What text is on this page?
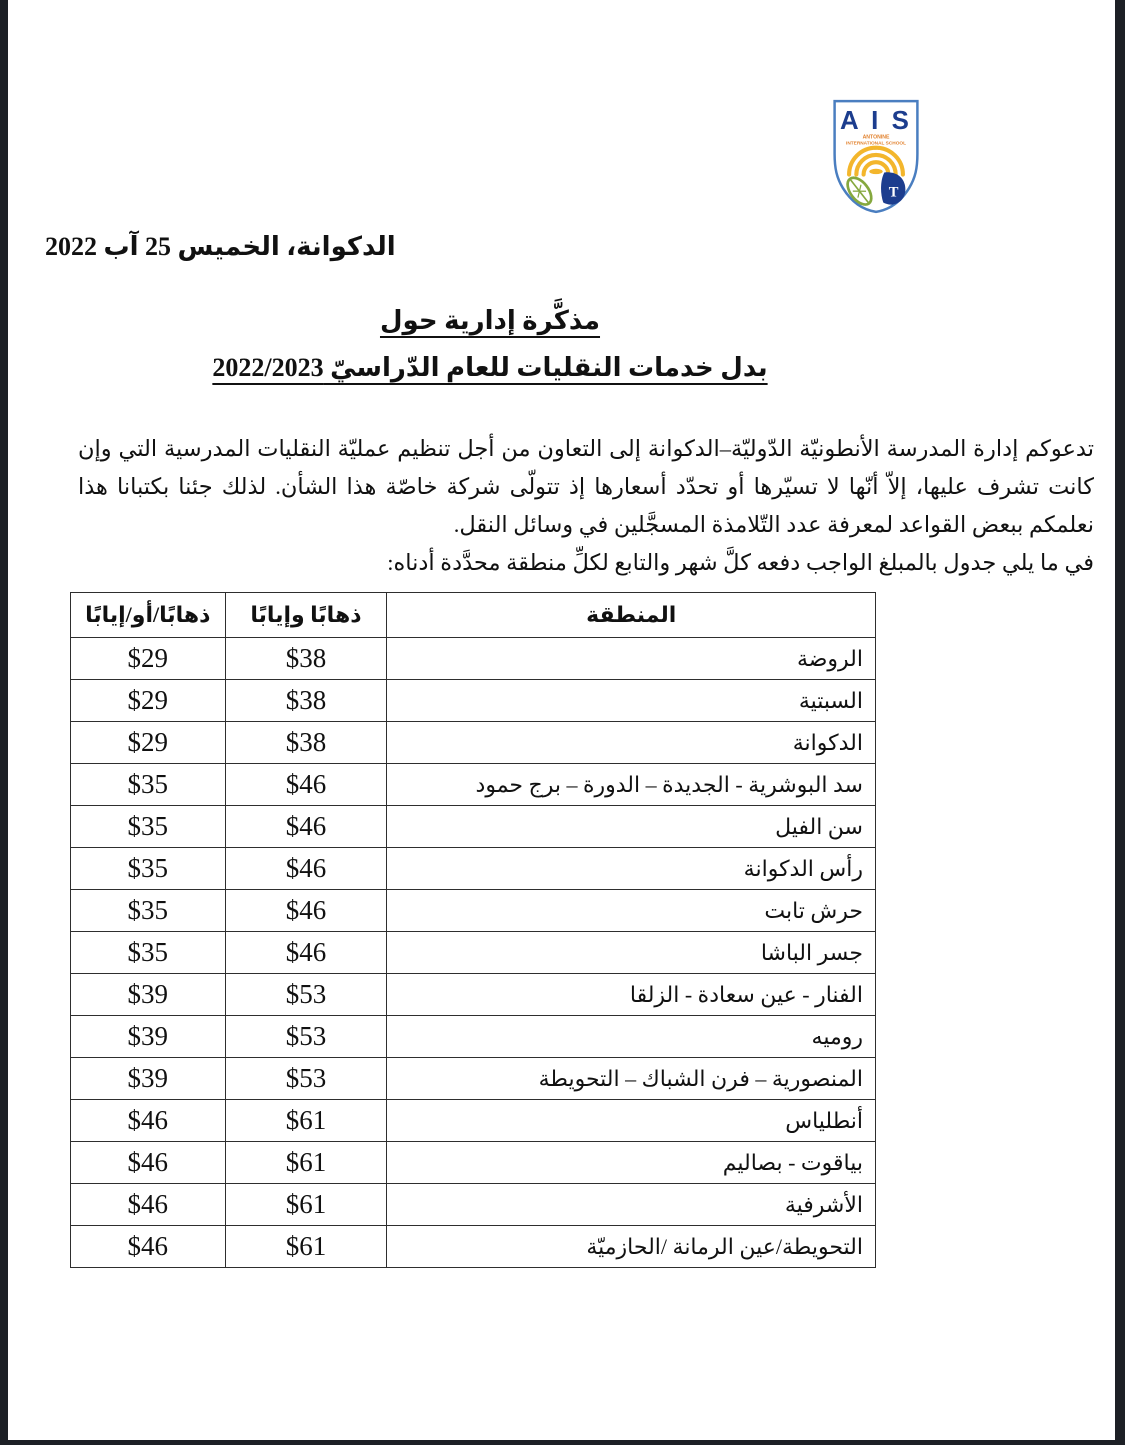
A I S
ANTONINE
INTERNATIONAL SCHOOL
DEKWANEH
T
الدكوانة، الخميس 25 آب 2022

مذكَّرة إدارية حول

بدل خدمات النقليات للعام الدّراسيّ 2022/2023

تدعوكم إدارة المدرسة الأنطونيّة الدّوليّة–الدكوانة إلى التعاون من أجل تنظيم عمليّة النقليات المدرسية التي وإن كانت تشرف عليها، إلاّ أنّها لا تسيّرها أو تحدّد أسعارها إذ تتولّى شركة خاصّة هذا الشأن. لذلك جئنا بكتبانا هذا نعلمكم ببعض القواعد لمعرفة عدد التّلامذة المسجَّلين في وسائل النقل.

في ما يلي جدول بالمبلغ الواجب دفعه كلَّ شهر والتابع لكلِّ منطقة محدَّدة أدناه:

المنطقة	ذهابًا وإيابًا	ذهابًا/أو/إيابًا
الروضة	$38	$29
السبتية	$38	$29
الدكوانة	$38	$29
سد البوشرية - الجديدة – الدورة – برج حمود	$46	$35
سن الفيل	$46	$35
رأس الدكوانة	$46	$35
حرش تابت	$46	$35
جسر الباشا	$46	$35
الفنار - عين سعادة - الزلقا	$53	$39
روميه	$53	$39
المنصورية – فرن الشباك – التحويطة	$53	$39
أنطلياس	$61	$46
بياقوت - بصاليم	$61	$46
الأشرفية	$61	$46
التحويطة/عين الرمانة /الحازميّة	$61	$46
